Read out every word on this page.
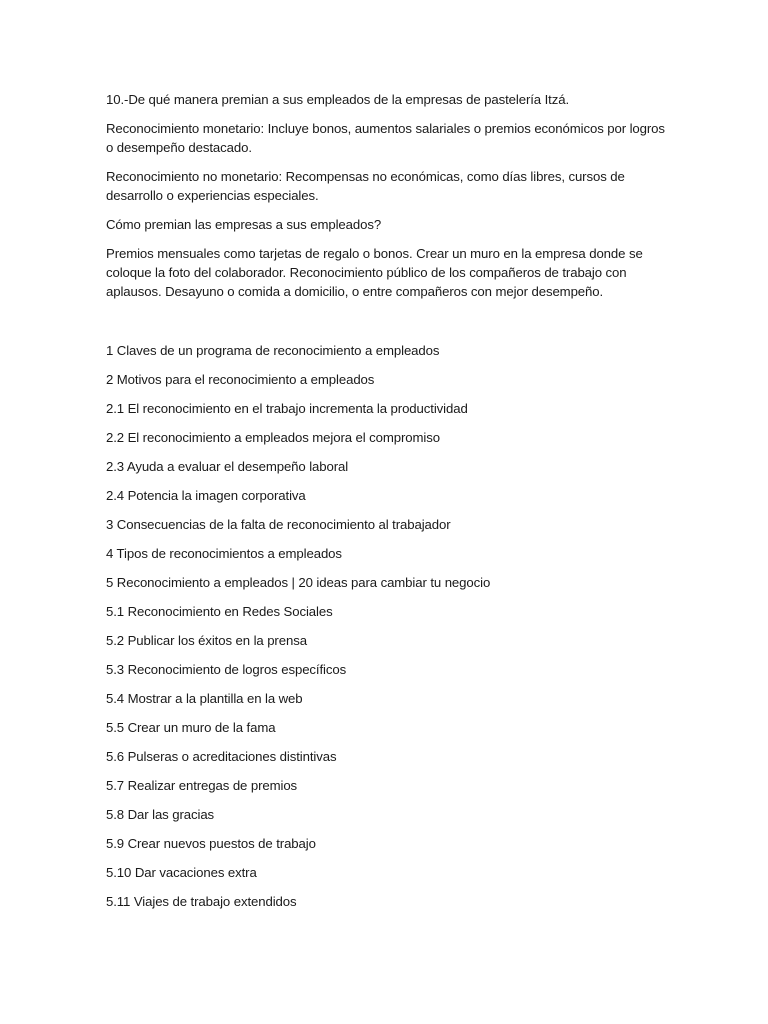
10.-De qué manera premian a sus empleados de la empresas de pastelería Itzá.

Reconocimiento monetario: Incluye bonos, aumentos salariales o premios económicos por logros o desempeño destacado.

Reconocimiento no monetario: Recompensas no económicas, como días libres, cursos de desarrollo o experiencias especiales.

Cómo premian las empresas a sus empleados?

Premios mensuales como tarjetas de regalo o bonos. Crear un muro en la empresa donde se coloque la foto del colaborador. Reconocimiento público de los compañeros de trabajo con aplausos. Desayuno o comida a domicilio, o entre compañeros con mejor desempeño.

1 Claves de un programa de reconocimiento a empleados

2 Motivos para el reconocimiento a empleados

2.1 El reconocimiento en el trabajo incrementa la productividad

2.2 El reconocimiento a empleados mejora el compromiso

2.3 Ayuda a evaluar el desempeño laboral

2.4 Potencia la imagen corporativa

3 Consecuencias de la falta de reconocimiento al trabajador

4 Tipos de reconocimientos a empleados

5 Reconocimiento a empleados | 20 ideas para cambiar tu negocio

5.1 Reconocimiento en Redes Sociales

5.2 Publicar los éxitos en la prensa

5.3 Reconocimiento de logros específicos

5.4 Mostrar a la plantilla en la web

5.5 Crear un muro de la fama

5.6 Pulseras o acreditaciones distintivas

5.7 Realizar entregas de premios

5.8 Dar las gracias

5.9 Crear nuevos puestos de trabajo

5.10 Dar vacaciones extra

5.11 Viajes de trabajo extendidos
